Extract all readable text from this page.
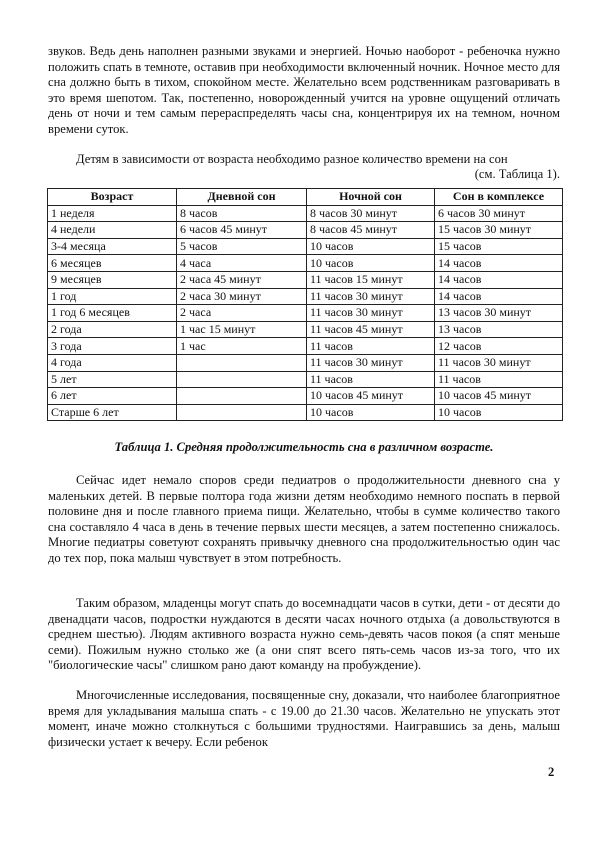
звуков. Ведь день наполнен разными звуками и энергией. Ночью наоборот - ребеночка нужно положить спать в темноте, оставив при необходимости включенный ночник. Ночное место для сна должно быть в тихом, спокойном месте. Желательно всем родственникам разговаривать в это время шепотом. Так, постепенно, новорожденный учится на уровне ощущений отличать день от ночи и тем самым перераспределять часы сна, концентрируя их на темном, ночном времени суток.

Детям в зависимости от возраста необходимо разное количество времени на сон

(см. Таблица 1).
Возраст	Дневной сон	Ночной сон	Сон в комплексе
1 неделя	8 часов	8 часов 30 минут	6 часов 30 минут
4 недели	6 часов 45 минут	8 часов 45 минут	15 часов 30 минут
3-4 месяца	5 часов	10 часов	15 часов
6 месяцев	4 часа	10 часов	14 часов
9 месяцев	2 часа 45 минут	11 часов 15 минут	14 часов
1 год	2 часа 30 минут	11 часов 30 минут	14 часов
1 год 6 месяцев	2 часа	11 часов 30 минут	13 часов 30 минут
2 года	1 час 15 минут	11 часов 45 минут	13 часов
3 года	1 час	11 часов	12 часов
4 года		11 часов 30 минут	11 часов 30 минут
5 лет		11 часов	11 часов
6 лет		10 часов 45 минут	10 часов 45 минут
Старше 6 лет		10 часов	10 часов
Таблица 1. Средняя продолжительность сна в различном возрасте.

Сейчас идет немало споров среди педиатров о продолжительности дневного сна у маленьких детей. В первые полтора года жизни детям необходимо немного поспать в первой половине дня и после главного приема пищи. Желательно, чтобы в сумме количество такого сна составляло 4 часа в день в течение первых шести месяцев, а затем постепенно снижалось. Многие педиатры советуют сохранять привычку дневного сна продолжительностью один час до тех пор, пока малыш чувствует в этом потребность.

Таким образом, младенцы могут спать до восемнадцати часов в сутки, дети - от десяти до двенадцати часов, подростки нуждаются в десяти часах ночного отдыха (а довольствуются в среднем шестью). Людям активного возраста нужно семь-девять часов покоя (а спят меньше семи). Пожилым нужно столько же (а они спят всего пять-семь часов из-за того, что их "биологические часы" слишком рано дают команду на пробуждение).

Многочисленные исследования, посвященные сну, доказали, что наиболее благоприятное время для укладывания малыша спать - с 19.00 до 21.30 часов. Желательно не упускать этот момент, иначе можно столкнуться с большими трудностями. Наигравшись за день, малыш физически устает к вечеру. Если ребенок

2
